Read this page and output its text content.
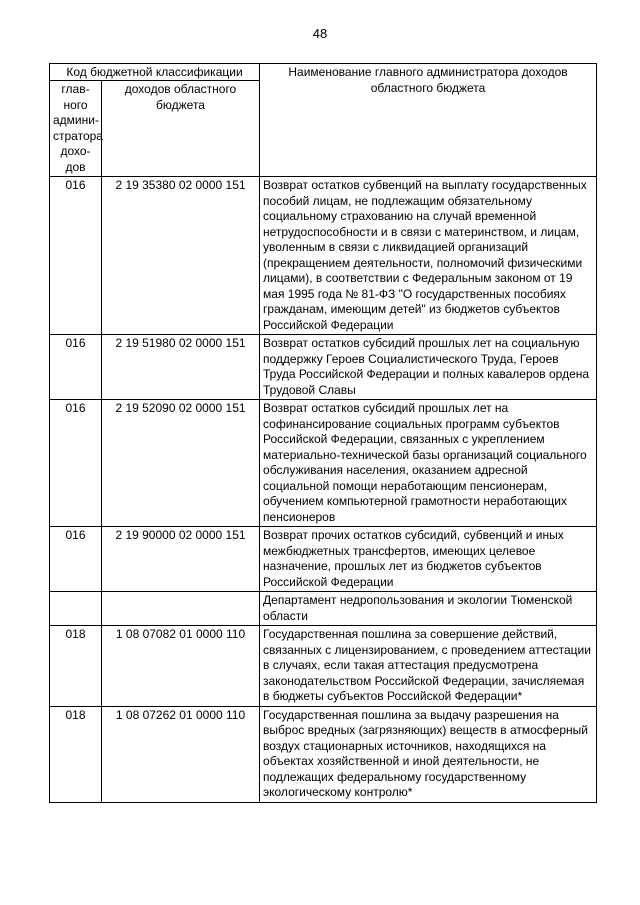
48
Код бюджетной классификации		Наименование главного администратора доходов областного бюджета
глав-ного админи-стратора дохо-дов	доходов областного бюджета	
016	2 19 35380 02 0000 151	Возврат остатков субвенций на выплату государственных пособий лицам, не подлежащим обязательному социальному страхованию на случай временной нетрудоспособности и в связи с материнством, и лицам, уволенным в связи с ликвидацией организаций (прекращением деятельности, полномочий физическими лицами), в соответствии с Федеральным законом от 19 мая 1995 года № 81-ФЗ "О государственных пособиях гражданам, имеющим детей" из бюджетов субъектов Российской Федерации
016	2 19 51980 02 0000 151	Возврат остатков субсидий прошлых лет на социальную поддержку Героев Социалистического Труда, Героев Труда Российской Федерации и полных кавалеров ордена Трудовой Славы
016	2 19 52090 02 0000 151	Возврат остатков субсидий прошлых лет на софинансирование социальных программ субъектов Российской Федерации, связанных с укреплением материально-технической базы организаций социального обслуживания населения, оказанием адресной социальной помощи неработающим пенсионерам, обучением компьютерной грамотности неработающих пенсионеров
016	2 19 90000 02 0000 151	Возврат прочих остатков субсидий, субвенций и иных межбюджетных трансфертов, имеющих целевое назначение, прошлых лет из бюджетов субъектов Российской Федерации
		Департамент недропользования и экологии Тюменской области
018	1 08 07082 01 0000 110	Государственная пошлина за совершение действий, связанных с лицензированием, с проведением аттестации в случаях, если такая аттестация предусмотрена законодательством Российской Федерации, зачисляемая в бюджеты субъектов Российской Федерации*
018	1 08 07262 01 0000 110	Государственная пошлина за выдачу разрешения на выброс вредных (загрязняющих) веществ в атмосферный воздух стационарных источников, находящихся на объектах хозяйственной и иной деятельности, не подлежащих федеральному государственному экологическому контролю*
